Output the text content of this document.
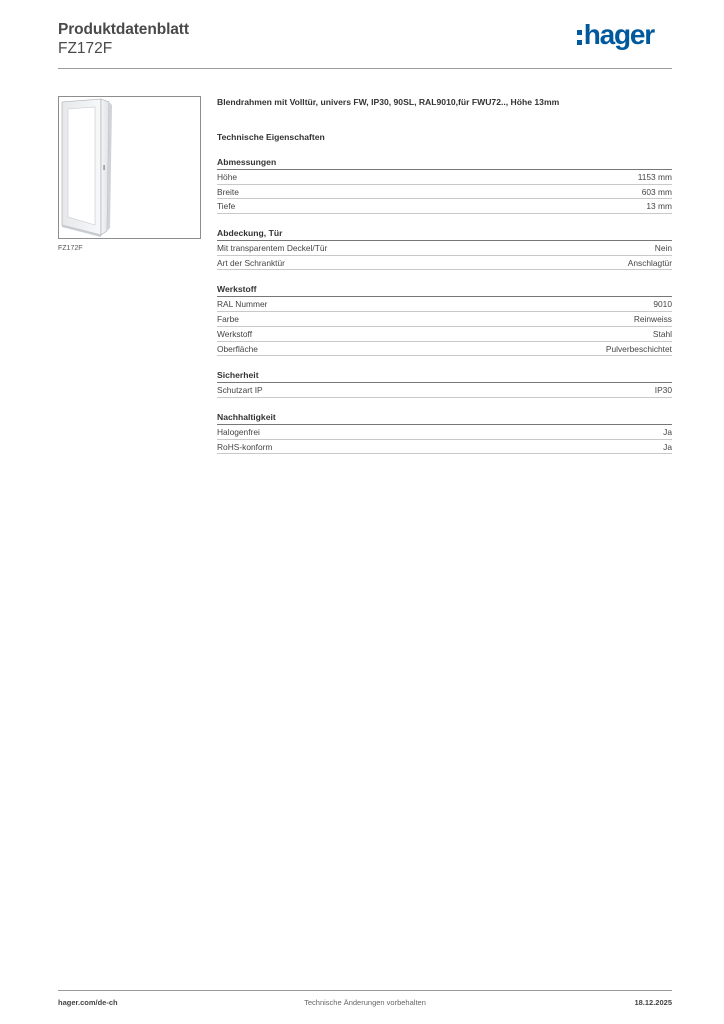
Produktdatenblatt
FZ172F	hager
FZ172F
Blendrahmen mit Volltür, univers FW, IP30, 90SL, RAL9010,für FWU72.., Höhe 13mm
Technische Eigenschaften
Abmessungen
Höhe	1153 mm
Breite	603 mm
Tiefe	13 mm
Abdeckung, Tür
Mit transparentem Deckel/Tür	Nein
Art der Schranktür	Anschlagtür
Werkstoff
RAL Nummer	9010
Farbe	Reinweiss
Werkstoff	Stahl
Oberfläche	Pulverbeschichtet
Sicherheit
Schutzart IP	IP30
Nachhaltigkeit
Halogenfrei	Ja
RoHS-konform	Ja
hager.com/de-ch	Technische Änderungen vorbehalten	18.12.2025
